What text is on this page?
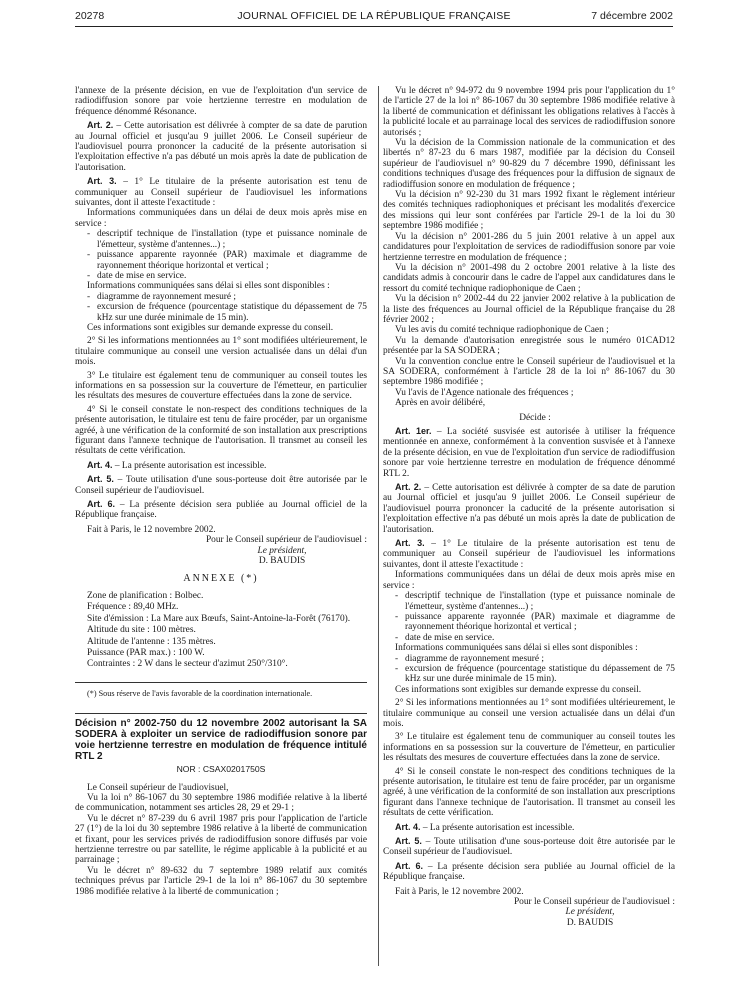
20278	JOURNAL OFFICIEL DE LA RÉPUBLIQUE FRANÇAISE	7 décembre 2002

l'annexe de la présente décision, en vue de l'exploitation d'un service de radiodiffusion sonore par voie hertzienne terrestre en modulation de fréquence dénommé Résonance.

Art. 2. – Cette autorisation est délivrée à compter de sa date de parution au Journal officiel et jusqu'au 9 juillet 2006. Le Conseil supérieur de l'audiovisuel pourra prononcer la caducité de la présente autorisation si l'exploitation effective n'a pas débuté un mois après la date de publication de l'autorisation.

Art. 3. – 1° Le titulaire de la présente autorisation est tenu de communiquer au Conseil supérieur de l'audiovisuel les informations suivantes, dont il atteste l'exactitude :

Informations communiquées dans un délai de deux mois après mise en service :

- descriptif technique de l'installation (type et puissance nominale de l'émetteur, système d'antennes...) ;

- puissance apparente rayonnée (PAR) maximale et diagramme de rayonnement théorique horizontal et vertical ;

- date de mise en service.

Informations communiquées sans délai si elles sont disponibles :

- diagramme de rayonnement mesuré ;

- excursion de fréquence (pourcentage statistique du dépassement de 75 kHz sur une durée minimale de 15 min).

Ces informations sont exigibles sur demande expresse du conseil.

2° Si les informations mentionnées au 1° sont modifiées ultérieurement, le titulaire communique au conseil une version actualisée dans un délai d'un mois.

3° Le titulaire est également tenu de communiquer au conseil toutes les informations en sa possession sur la couverture de l'émetteur, en particulier les résultats des mesures de couverture effectuées dans la zone de service.

4° Si le conseil constate le non-respect des conditions techniques de la présente autorisation, le titulaire est tenu de faire procéder, par un organisme agréé, à une vérification de la conformité de son installation aux prescriptions figurant dans l'annexe technique de l'autorisation. Il transmet au conseil les résultats de cette vérification.

Art. 4. – La présente autorisation est incessible.

Art. 5. – Toute utilisation d'une sous-porteuse doit être autorisée par le Conseil supérieur de l'audiovisuel.

Art. 6. – La présente décision sera publiée au Journal officiel de la République française.

Fait à Paris, le 12 novembre 2002.

Pour le Conseil supérieur de l'audiovisuel :

Le président,

D. BAUDIS

ANNEXE (*)

Zone de planification : Bolbec.

Fréquence : 89,40 MHz.

Site d'émission : La Mare aux Bœufs, Saint-Antoine-la-Forêt (76170).

Altitude du site : 100 mètres.

Altitude de l'antenne : 135 mètres.

Puissance (PAR max.) : 100 W.

Contraintes : 2 W dans le secteur d'azimut 250°/310°.

(*) Sous réserve de l'avis favorable de la coordination internationale.

Décision n° 2002-750 du 12 novembre 2002 autorisant la SA SODERA à exploiter un service de radiodiffusion sonore par voie hertzienne terrestre en modulation de fréquence intitulé RTL 2
NOR : CSAX0201750S

Le Conseil supérieur de l'audiovisuel,

Vu la loi n° 86-1067 du 30 septembre 1986 modifiée relative à la liberté de communication, notamment ses articles 28, 29 et 29-1 ;

Vu le décret n° 87-239 du 6 avril 1987 pris pour l'application de l'article 27 (1°) de la loi du 30 septembre 1986 relative à la liberté de communication et fixant, pour les services privés de radiodiffusion sonore diffusés par voie hertzienne terrestre ou par satellite, le régime applicable à la publicité et au parrainage ;

Vu le décret n° 89-632 du 7 septembre 1989 relatif aux comités techniques prévus par l'article 29-1 de la loi n° 86-1067 du 30 septembre 1986 modifiée relative à la liberté de communication ;

Vu le décret n° 94-972 du 9 novembre 1994 pris pour l'application du 1° de l'article 27 de la loi n° 86-1067 du 30 septembre 1986 modifiée relative à la liberté de communication et définissant les obligations relatives à l'accès à la publicité locale et au parrainage local des services de radiodiffusion sonore autorisés ;

Vu la décision de la Commission nationale de la communication et des libertés n° 87-23 du 6 mars 1987, modifiée par la décision du Conseil supérieur de l'audiovisuel n° 90-829 du 7 décembre 1990, définissant les conditions techniques d'usage des fréquences pour la diffusion de signaux de radiodiffusion sonore en modulation de fréquence ;

Vu la décision n° 92-230 du 31 mars 1992 fixant le règlement intérieur des comités techniques radiophoniques et précisant les modalités d'exercice des missions qui leur sont conférées par l'article 29-1 de la loi du 30 septembre 1986 modifiée ;

Vu la décision n° 2001-286 du 5 juin 2001 relative à un appel aux candidatures pour l'exploitation de services de radiodiffusion sonore par voie hertzienne terrestre en modulation de fréquence ;

Vu la décision n° 2001-498 du 2 octobre 2001 relative à la liste des candidats admis à concourir dans le cadre de l'appel aux candidatures dans le ressort du comité technique radiophonique de Caen ;

Vu la décision n° 2002-44 du 22 janvier 2002 relative à la publication de la liste des fréquences au Journal officiel de la République française du 28 février 2002 ;

Vu les avis du comité technique radiophonique de Caen ;

Vu la demande d'autorisation enregistrée sous le numéro 01CAD12 présentée par la SA SODERA ;

Vu la convention conclue entre le Conseil supérieur de l'audiovisuel et la SA SODERA, conformément à l'article 28 de la loi n° 86-1067 du 30 septembre 1986 modifiée ;

Vu l'avis de l'Agence nationale des fréquences ;

Après en avoir délibéré,

Décide :

Art. 1er. – La société susvisée est autorisée à utiliser la fréquence mentionnée en annexe, conformément à la convention susvisée et à l'annexe de la présente décision, en vue de l'exploitation d'un service de radiodiffusion sonore par voie hertzienne terrestre en modulation de fréquence dénommé RTL 2.

Art. 2. – Cette autorisation est délivrée à compter de sa date de parution au Journal officiel et jusqu'au 9 juillet 2006. Le Conseil supérieur de l'audiovisuel pourra prononcer la caducité de la présente autorisation si l'exploitation effective n'a pas débuté un mois après la date de publication de l'autorisation.

Art. 3. – 1° Le titulaire de la présente autorisation est tenu de communiquer au Conseil supérieur de l'audiovisuel les informations suivantes, dont il atteste l'exactitude :

Informations communiquées dans un délai de deux mois après mise en service :

- descriptif technique de l'installation (type et puissance nominale de l'émetteur, système d'antennes...) ;

- puissance apparente rayonnée (PAR) maximale et diagramme de rayonnement théorique horizontal et vertical ;

- date de mise en service.

Informations communiquées sans délai si elles sont disponibles :

- diagramme de rayonnement mesuré ;

- excursion de fréquence (pourcentage statistique du dépassement de 75 kHz sur une durée minimale de 15 min).

Ces informations sont exigibles sur demande expresse du conseil.

2° Si les informations mentionnées au 1° sont modifiées ultérieurement, le titulaire communique au conseil une version actualisée dans un délai d'un mois.

3° Le titulaire est également tenu de communiquer au conseil toutes les informations en sa possession sur la couverture de l'émetteur, en particulier les résultats des mesures de couverture effectuées dans la zone de service.

4° Si le conseil constate le non-respect des conditions techniques de la présente autorisation, le titulaire est tenu de faire procéder, par un organisme agréé, à une vérification de la conformité de son installation aux prescriptions figurant dans l'annexe technique de l'autorisation. Il transmet au conseil les résultats de cette vérification.

Art. 4. – La présente autorisation est incessible.

Art. 5. – Toute utilisation d'une sous-porteuse doit être autorisée par le Conseil supérieur de l'audiovisuel.

Art. 6. – La présente décision sera publiée au Journal officiel de la République française.

Fait à Paris, le 12 novembre 2002.

Pour le Conseil supérieur de l'audiovisuel :

Le président,

D. BAUDIS
